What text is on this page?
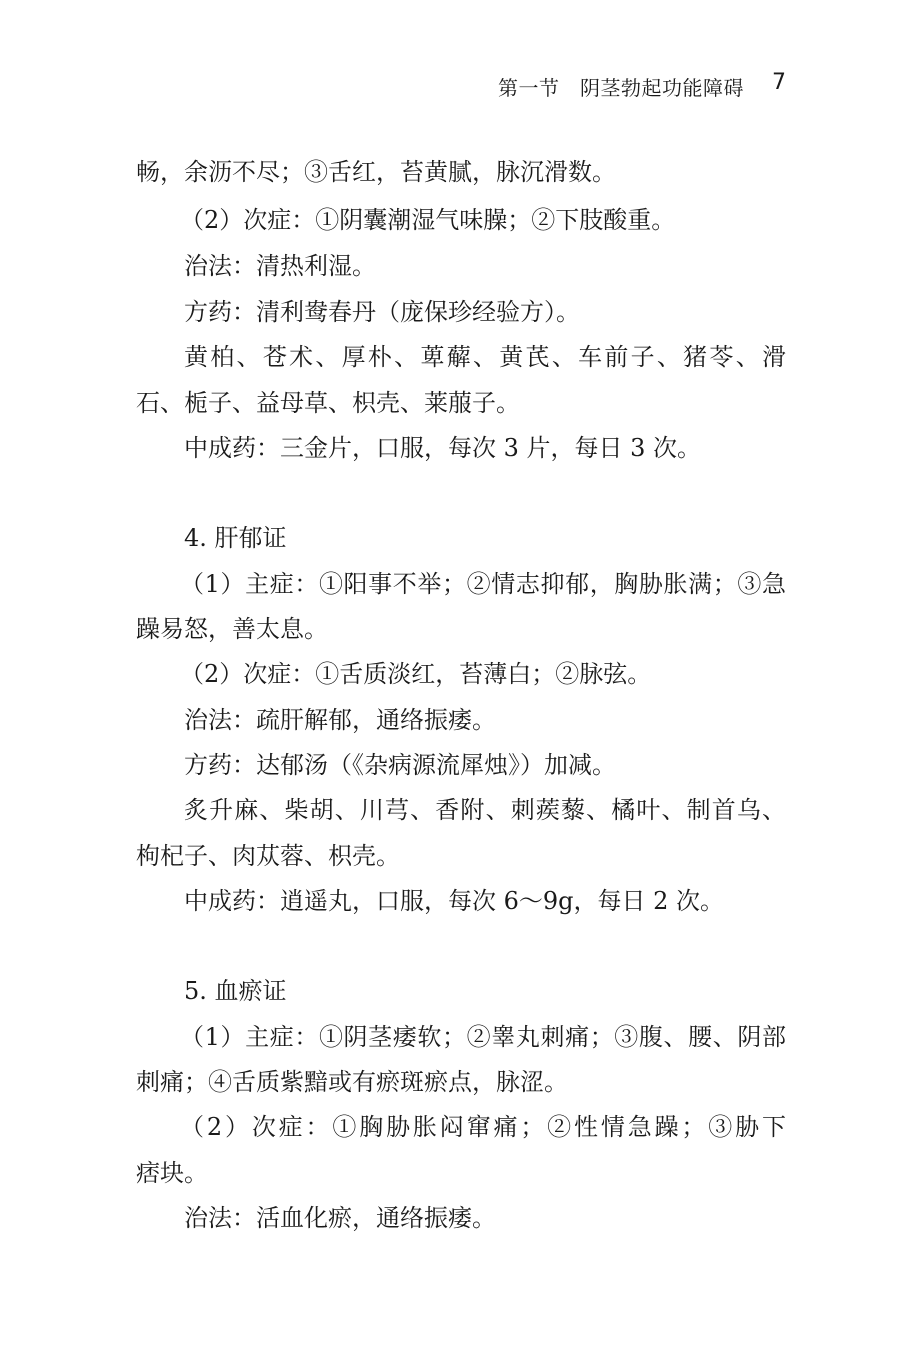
第一节　阴茎勃起功能障碍 7
畅，余沥不尽；③舌红，苔黄腻，脉沉滑数。
（2）次症：①阴囊潮湿气味臊；②下肢酸重。
治法：清热利湿。
方药：清利鸯春丹（庞保珍经验方）。
黄柏、苍术、厚朴、萆薢、黄芪、车前子、猪苓、滑
石、栀子、益母草、枳壳、莱菔子。
中成药：三金片，口服，每次 3 片，每日 3 次。
4. 肝郁证
（1）主症：①阳事不举；②情志抑郁，胸胁胀满；③急
躁易怒，善太息。
（2）次症：①舌质淡红，苔薄白；②脉弦。
治法：疏肝解郁，通络振痿。
方药：达郁汤（《杂病源流犀烛》）加减。
炙升麻、柴胡、川芎、香附、刺蒺藜、橘叶、制首乌、
枸杞子、肉苁蓉、枳壳。
中成药：逍遥丸，口服，每次 6～9g，每日 2 次。
5. 血瘀证
（1）主症：①阴茎痿软；②睾丸刺痛；③腹、腰、阴部
刺痛；④舌质紫黯或有瘀斑瘀点，脉涩。
（2）次症：①胸胁胀闷窜痛；②性情急躁；③胁下
痞块。
治法：活血化瘀，通络振痿。
